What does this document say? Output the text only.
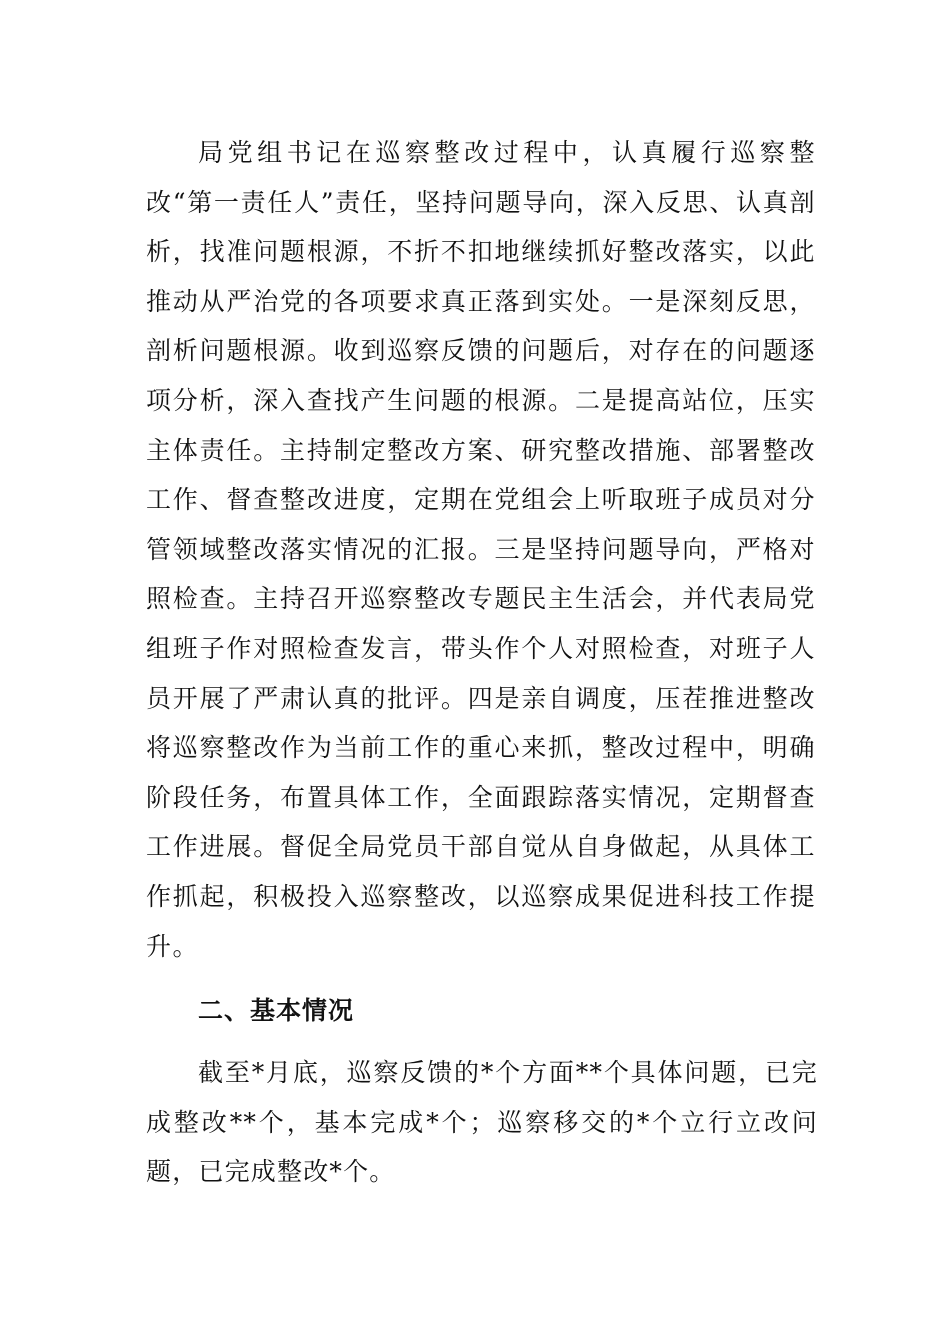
局党组书记在巡察整改过程中，认真履行巡察整改“第一责任人”责任，坚持问题导向，深入反思、认真剖析，找准问题根源，不折不扣地继续抓好整改落实，以此推动从严治党的各项要求真正落到实处。一是深刻反思，剖析问题根源。收到巡察反馈的问题后，对存在的问题逐项分析，深入查找产生问题的根源。二是提高站位，压实主体责任。主持制定整改方案、研究整改措施、部署整改工作、督查整改进度，定期在党组会上听取班子成员对分管领域整改落实情况的汇报。三是坚持问题导向，严格对照检查。主持召开巡察整改专题民主生活会，并代表局党组班子作对照检查发言，带头作个人对照检查，对班子人员开展了严肃认真的批评。四是亲自调度，压茬推进整改将巡察整改作为当前工作的重心来抓，整改过程中，明确阶段任务，布置具体工作，全面跟踪落实情况，定期督查工作进展。督促全局党员干部自觉从自身做起，从具体工作抓起，积极投入巡察整改，以巡察成果促进科技工作提升。

二、基本情况

截至*月底，巡察反馈的*个方面**个具体问题，已完成整改**个，基本完成*个；巡察移交的*个立行立改问题，已完成整改*个。
